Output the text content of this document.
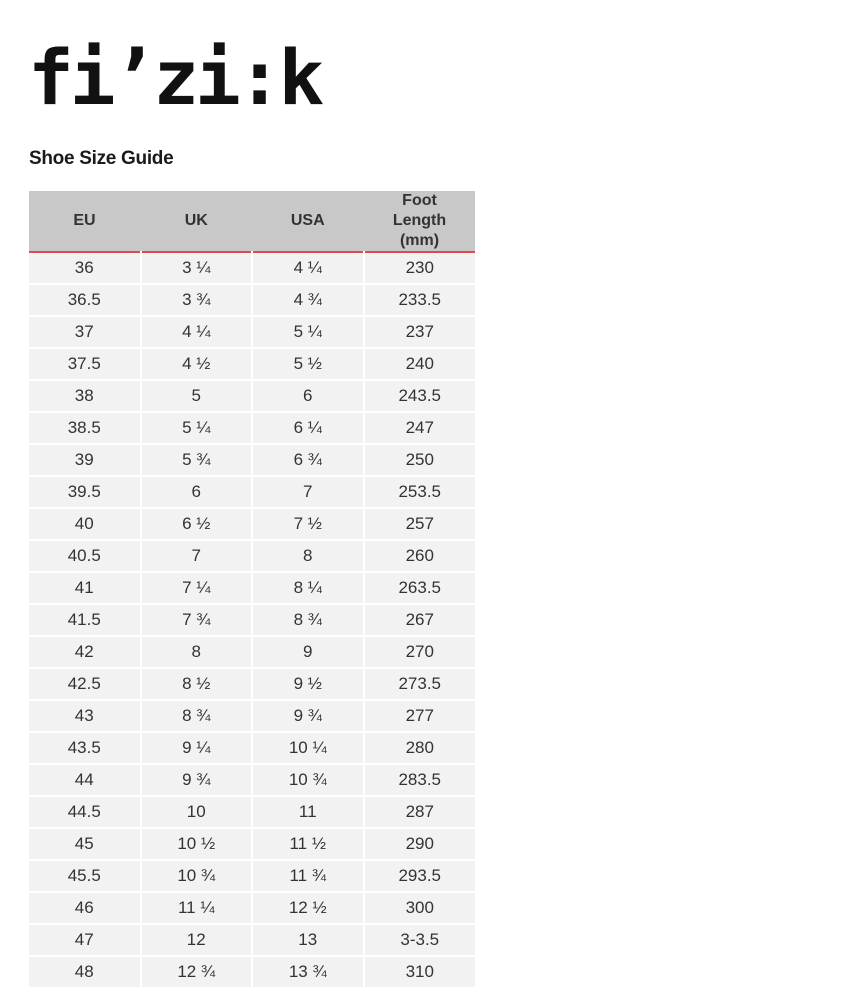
fi’zi:k
Shoe Size Guide
EU	UK	USA	Foot Length (mm)
36	3 ¼	4 ¼	230
36.5	3 ¾	4 ¾	233.5
37	4 ¼	5 ¼	237
37.5	4 ½	5 ½	240
38	5	6	243.5
38.5	5 ¼	6 ¼	247
39	5 ¾	6 ¾	250
39.5	6	7	253.5
40	6 ½	7 ½	257
40.5	7	8	260
41	7 ¼	8 ¼	263.5
41.5	7 ¾	8 ¾	267
42	8	9	270
42.5	8 ½	9 ½	273.5
43	8 ¾	9 ¾	277
43.5	9 ¼	10 ¼	280
44	9 ¾	10 ¾	283.5
44.5	10	11	287
45	10 ½	11 ½	290
45.5	10 ¾	11 ¾	293.5
46	11 ¼	12 ½	300
47	12	13	3-3.5
48	12 ¾	13 ¾	310
